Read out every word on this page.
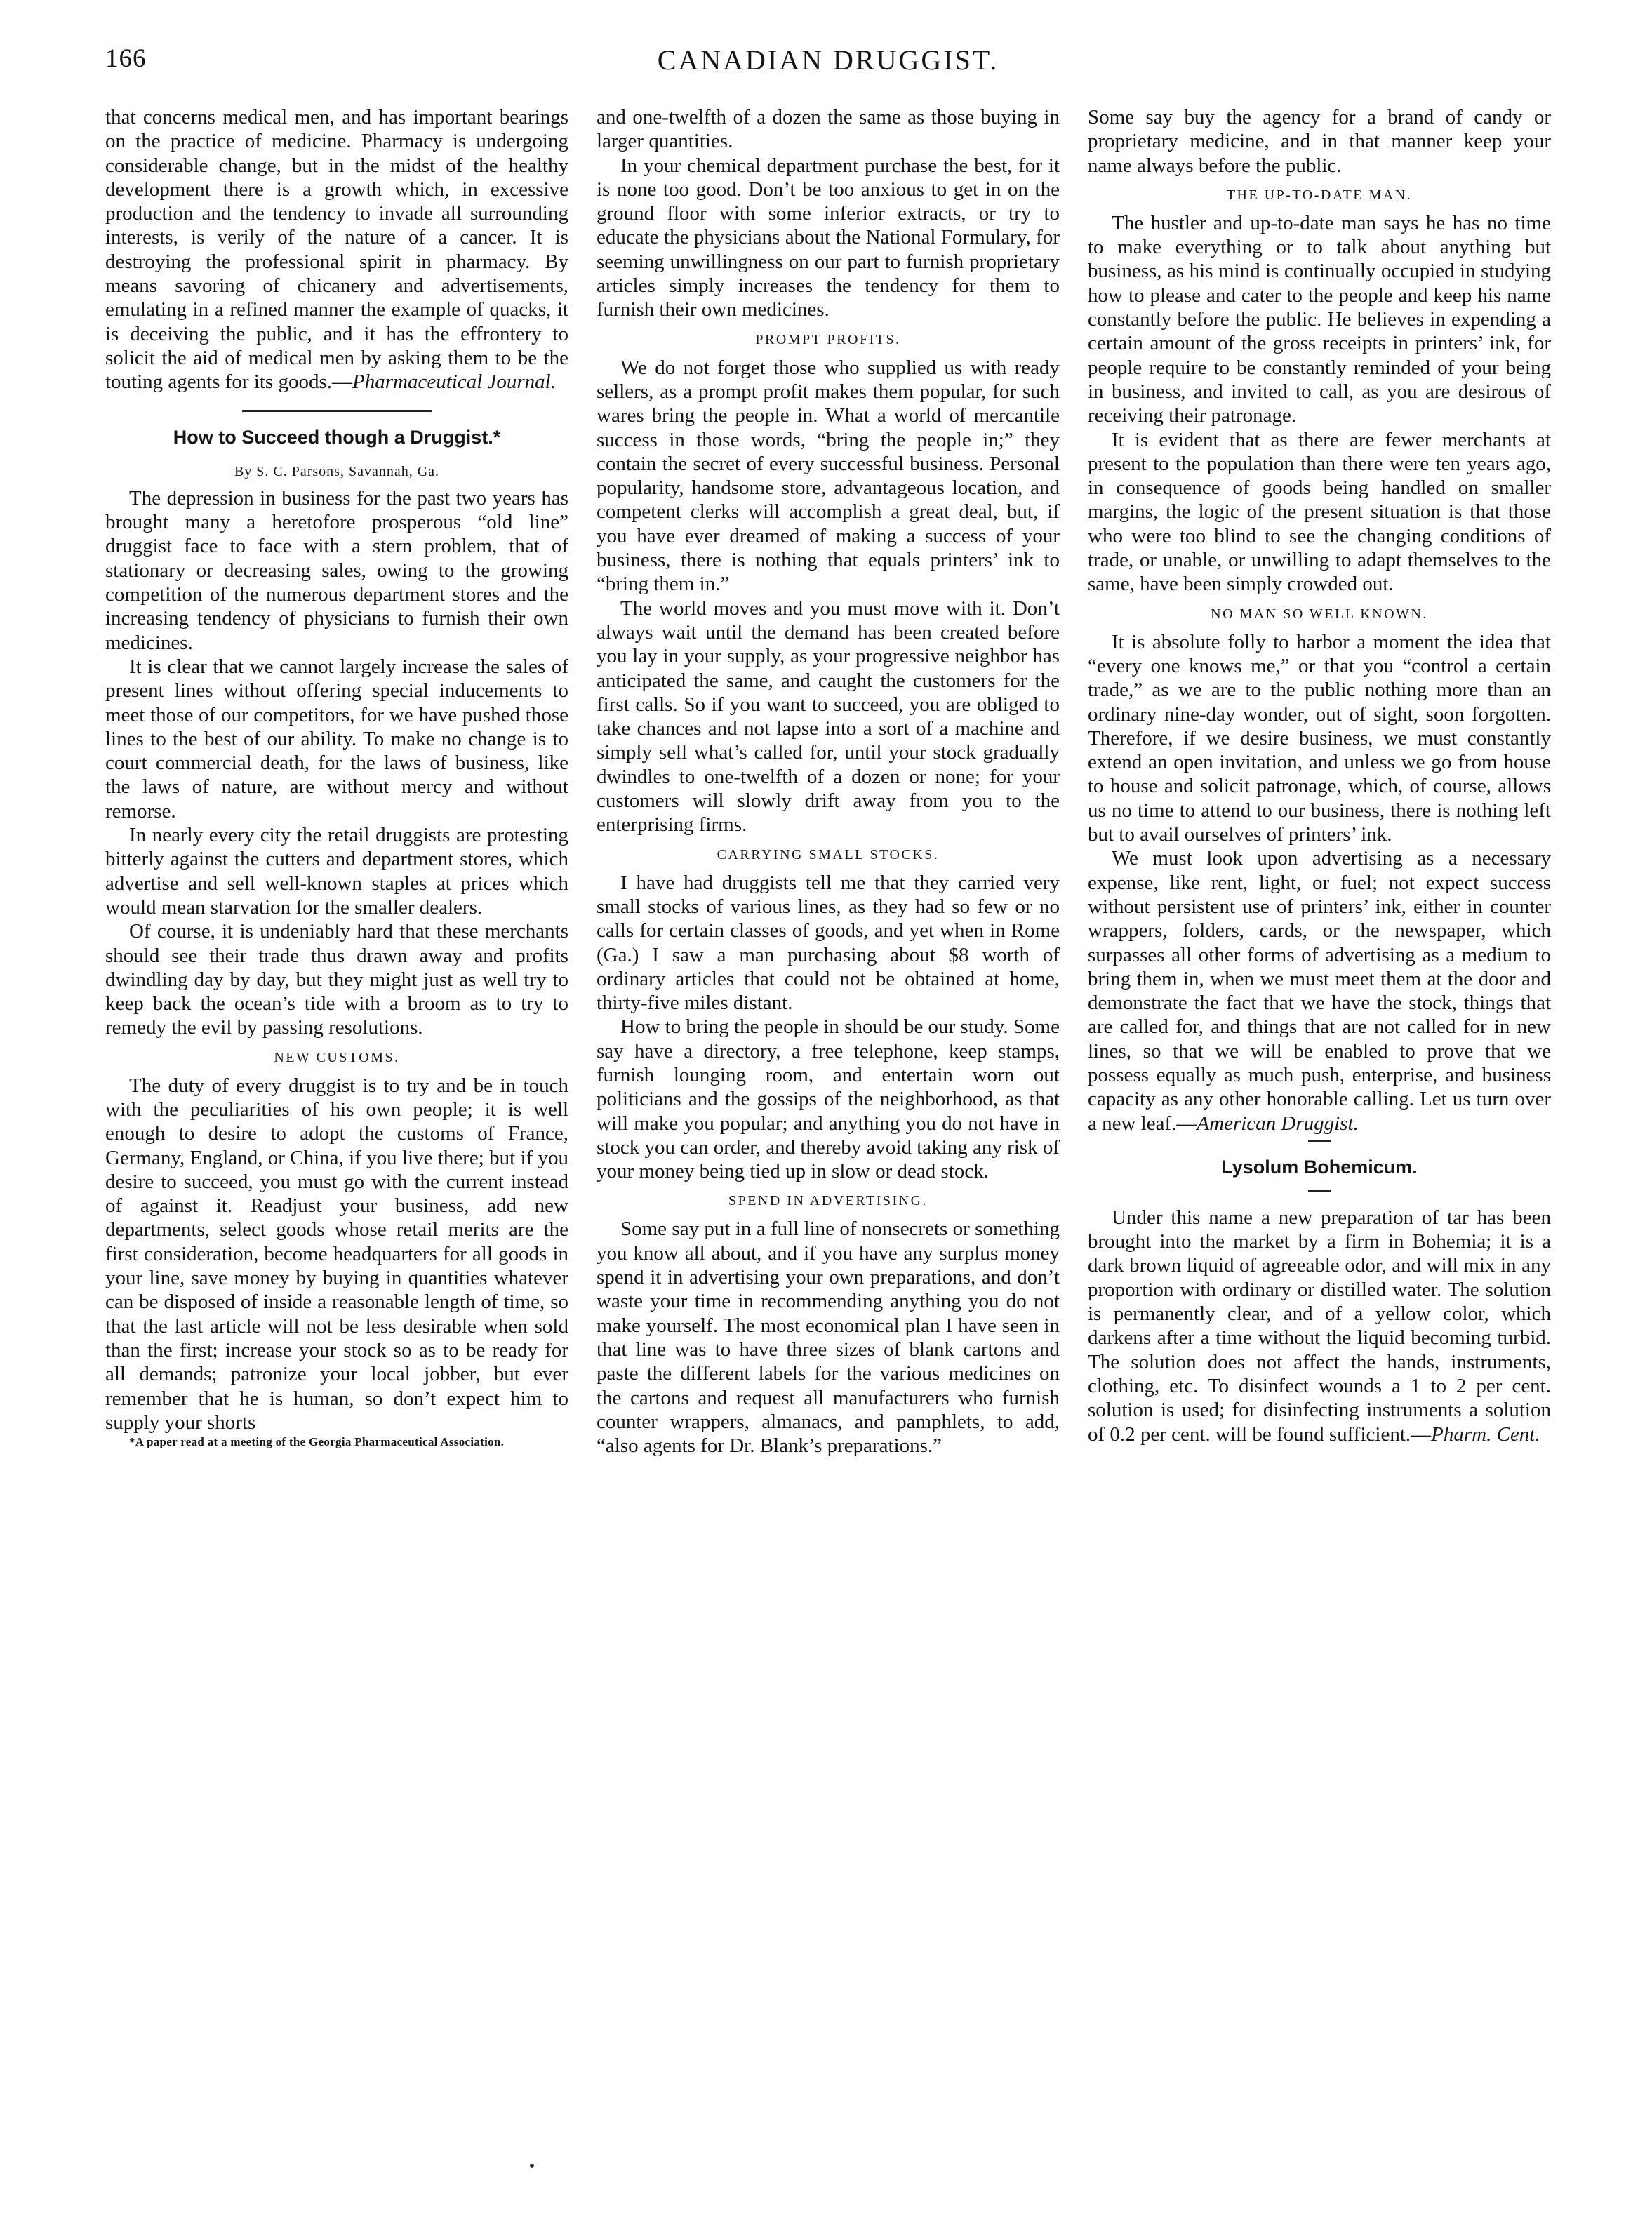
166	CANADIAN DRUGGIST.

that concerns medical men, and has important bearings on the practice of medicine. Pharmacy is undergoing considerable change, but in the midst of the healthy development there is a growth which, in excessive production and the tendency to invade all surrounding interests, is verily of the nature of a cancer. It is destroying the professional spirit in pharmacy. By means savoring of chicanery and advertisements, emulating in a refined manner the example of quacks, it is deceiving the public, and it has the effrontery to solicit the aid of medical men by asking them to be the touting agents for its goods.—Pharmaceutical Journal.

How to Succeed though a Druggist.*
By S. C. Parsons, Savannah, Ga.

The depression in business for the past two years has brought many a heretofore prosperous “old line” druggist face to face with a stern problem, that of stationary or decreasing sales, owing to the growing competition of the numerous department stores and the increasing tendency of physicians to furnish their own medicines.

It is clear that we cannot largely increase the sales of present lines without offering special inducements to meet those of our competitors, for we have pushed those lines to the best of our ability. To make no change is to court commercial death, for the laws of business, like the laws of nature, are without mercy and without remorse.

In nearly every city the retail druggists are protesting bitterly against the cutters and department stores, which advertise and sell well-known staples at prices which would mean starvation for the smaller dealers.

Of course, it is undeniably hard that these merchants should see their trade thus drawn away and profits dwindling day by day, but they might just as well try to keep back the ocean’s tide with a broom as to try to remedy the evil by passing resolutions.

NEW CUSTOMS.

The duty of every druggist is to try and be in touch with the peculiarities of his own people; it is well enough to desire to adopt the customs of France, Germany, England, or China, if you live there; but if you desire to succeed, you must go with the current instead of against it. Readjust your business, add new departments, select goods whose retail merits are the first consideration, become headquarters for all goods in your line, save money by buying in quantities whatever can be disposed of inside a reasonable length of time, so that the last article will not be less desirable when sold than the first; increase your stock so as to be ready for all demands; patronize your local jobber, but ever remember that he is human, so don’t expect him to supply your shorts

*A paper read at a meeting of the Georgia Pharmaceutical Association.

and one-twelfth of a dozen the same as those buying in larger quantities.

In your chemical department purchase the best, for it is none too good. Don’t be too anxious to get in on the ground floor with some inferior extracts, or try to educate the physicians about the National Formulary, for seeming unwillingness on our part to furnish proprietary articles simply increases the tendency for them to furnish their own medicines.

PROMPT PROFITS.

We do not forget those who supplied us with ready sellers, as a prompt profit makes them popular, for such wares bring the people in. What a world of mercantile success in those words, “bring the people in;” they contain the secret of every successful business. Personal popularity, handsome store, advantageous location, and competent clerks will accomplish a great deal, but, if you have ever dreamed of making a success of your business, there is nothing that equals printers’ ink to “bring them in.”

The world moves and you must move with it. Don’t always wait until the demand has been created before you lay in your supply, as your progressive neighbor has anticipated the same, and caught the customers for the first calls. So if you want to succeed, you are obliged to take chances and not lapse into a sort of a machine and simply sell what’s called for, until your stock gradually dwindles to one-twelfth of a dozen or none; for your customers will slowly drift away from you to the enterprising firms.

CARRYING SMALL STOCKS.

I have had druggists tell me that they carried very small stocks of various lines, as they had so few or no calls for certain classes of goods, and yet when in Rome (Ga.) I saw a man purchasing about $8 worth of ordinary articles that could not be obtained at home, thirty-five miles distant.

How to bring the people in should be our study. Some say have a directory, a free telephone, keep stamps, furnish lounging room, and entertain worn out politicians and the gossips of the neighborhood, as that will make you popular; and anything you do not have in stock you can order, and thereby avoid taking any risk of your money being tied up in slow or dead stock.

SPEND IN ADVERTISING.

Some say put in a full line of nonsecrets or something you know all about, and if you have any surplus money spend it in advertising your own preparations, and don’t waste your time in recommending anything you do not make yourself. The most economical plan I have seen in that line was to have three sizes of blank cartons and paste the different labels for the various medicines on the cartons and request all manufacturers who furnish counter wrappers, almanacs, and pamphlets, to add, “also agents for Dr. Blank’s preparations.”

Some say buy the agency for a brand of candy or proprietary medicine, and in that manner keep your name always before the public.

THE UP-TO-DATE MAN.

The hustler and up-to-date man says he has no time to make everything or to talk about anything but business, as his mind is continually occupied in studying how to please and cater to the people and keep his name constantly before the public. He believes in expending a certain amount of the gross receipts in printers’ ink, for people require to be constantly reminded of your being in business, and invited to call, as you are desirous of receiving their patronage.

It is evident that as there are fewer merchants at present to the population than there were ten years ago, in consequence of goods being handled on smaller margins, the logic of the present situation is that those who were too blind to see the changing conditions of trade, or unable, or unwilling to adapt themselves to the same, have been simply crowded out.

NO MAN SO WELL KNOWN.

It is absolute folly to harbor a moment the idea that “every one knows me,” or that you “control a certain trade,” as we are to the public nothing more than an ordinary nine-day wonder, out of sight, soon forgotten. Therefore, if we desire business, we must constantly extend an open invitation, and unless we go from house to house and solicit patronage, which, of course, allows us no time to attend to our business, there is nothing left but to avail ourselves of printers’ ink.

We must look upon advertising as a necessary expense, like rent, light, or fuel; not expect success without persistent use of printers’ ink, either in counter wrappers, folders, cards, or the newspaper, which surpasses all other forms of advertising as a medium to bring them in, when we must meet them at the door and demonstrate the fact that we have the stock, things that are called for, and things that are not called for in new lines, so that we will be enabled to prove that we possess equally as much push, enterprise, and business capacity as any other honorable calling. Let us turn over a new leaf.—American Druggist.

Lysolum Bohemicum.

Under this name a new preparation of tar has been brought into the market by a firm in Bohemia; it is a dark brown liquid of agreeable odor, and will mix in any proportion with ordinary or distilled water. The solution is permanently clear, and of a yellow color, which darkens after a time without the liquid becoming turbid. The solution does not affect the hands, instruments, clothing, etc. To disinfect wounds a 1 to 2 per cent. solution is used; for disinfecting instruments a solution of 0.2 per cent. will be found sufficient.—Pharm. Cent.
